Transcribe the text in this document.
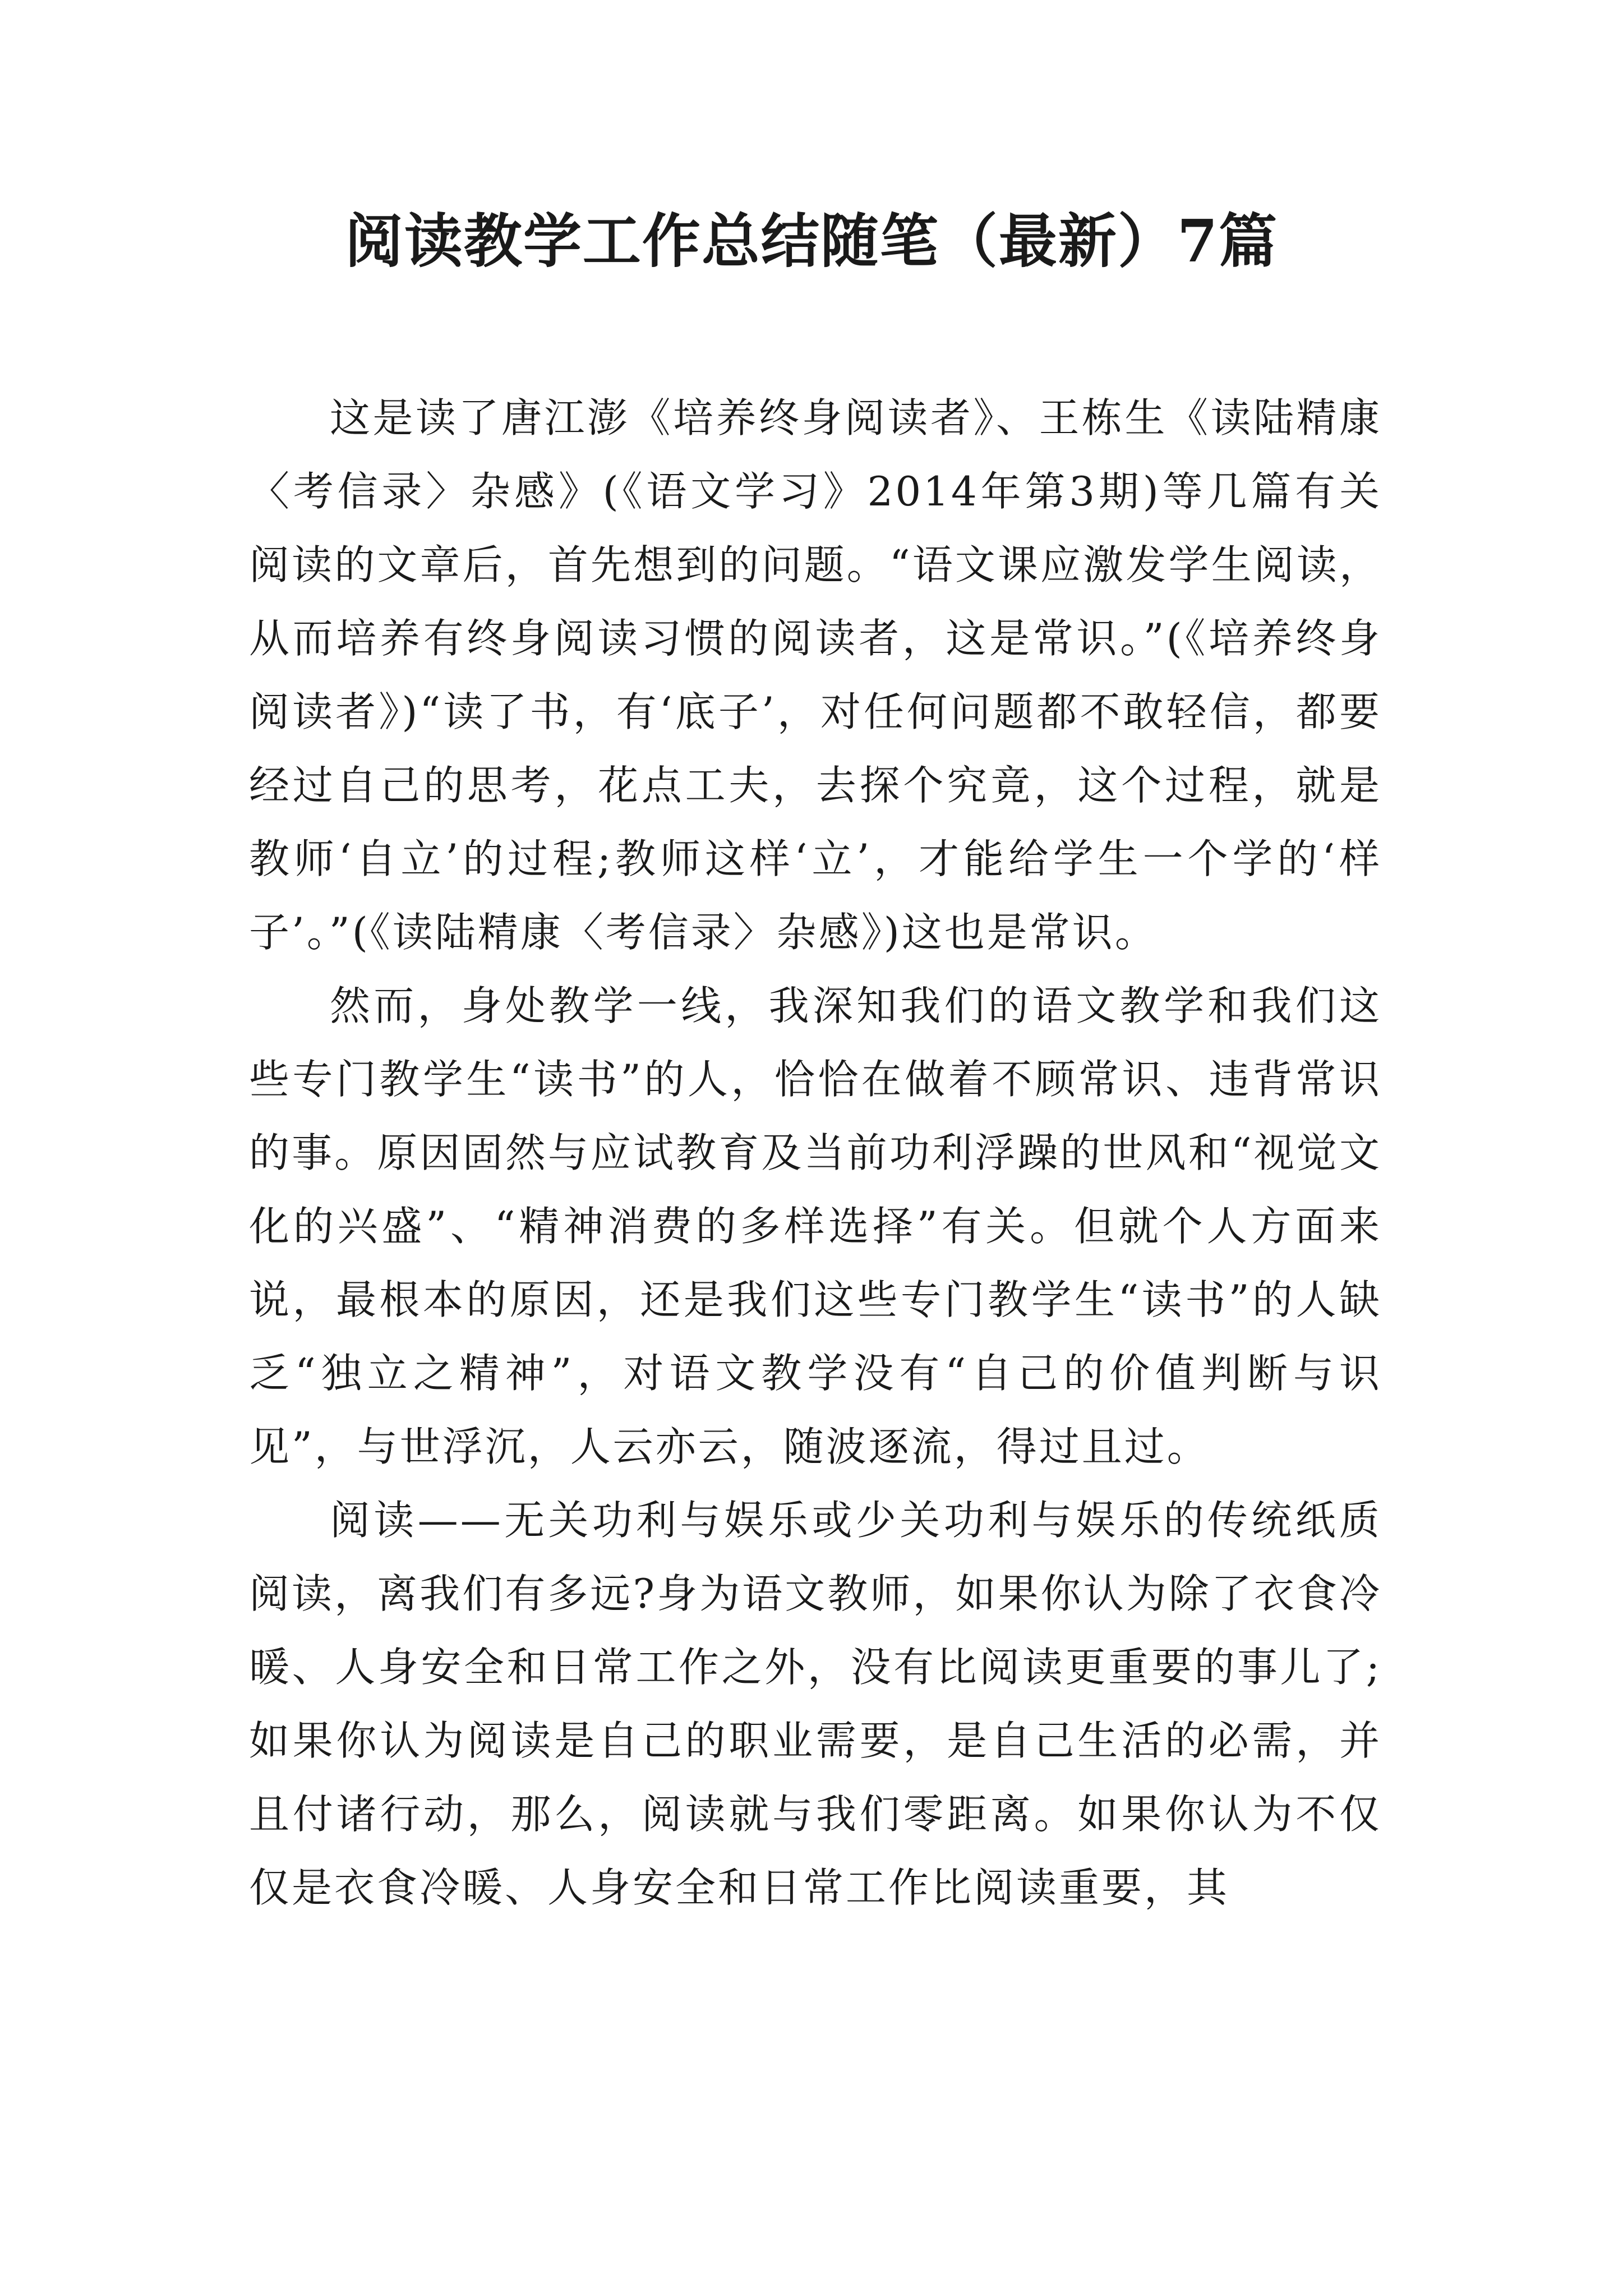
阅读教学工作总结随笔（最新）7篇

这是读了唐江澎《培养终身阅读者》、王栋生《读陆精康〈考信录〉杂感》(《语文学习》2014年第3期)等几篇有关阅读的文章后，首先想到的问题。“语文课应激发学生阅读，从而培养有终身阅读习惯的阅读者，这是常识。”(《培养终身阅读者》)“读了书，有‘底子’，对任何问题都不敢轻信，都要经过自己的思考，花点工夫，去探个究竟，这个过程，就是教师‘自立’的过程;教师这样‘立’，才能给学生一个学的‘样子’。”(《读陆精康〈考信录〉杂感》)这也是常识。

然而，身处教学一线，我深知我们的语文教学和我们这些专门教学生“读书”的人，恰恰在做着不顾常识、违背常识的事。原因固然与应试教育及当前功利浮躁的世风和“视觉文化的兴盛”、“精神消费的多样选择”有关。但就个人方面来说，最根本的原因，还是我们这些专门教学生“读书”的人缺乏“独立之精神”，对语文教学没有“自己的价值判断与识见”，与世浮沉，人云亦云，随波逐流，得过且过。

阅读——无关功利与娱乐或少关功利与娱乐的传统纸质阅读，离我们有多远?身为语文教师，如果你认为除了衣食冷暖、人身安全和日常工作之外，没有比阅读更重要的事儿了;如果你认为阅读是自己的职业需要，是自己生活的必需，并且付诸行动，那么，阅读就与我们零距离。如果你认为不仅仅是衣食冷暖、人身安全和日常工作比阅读重要，其
